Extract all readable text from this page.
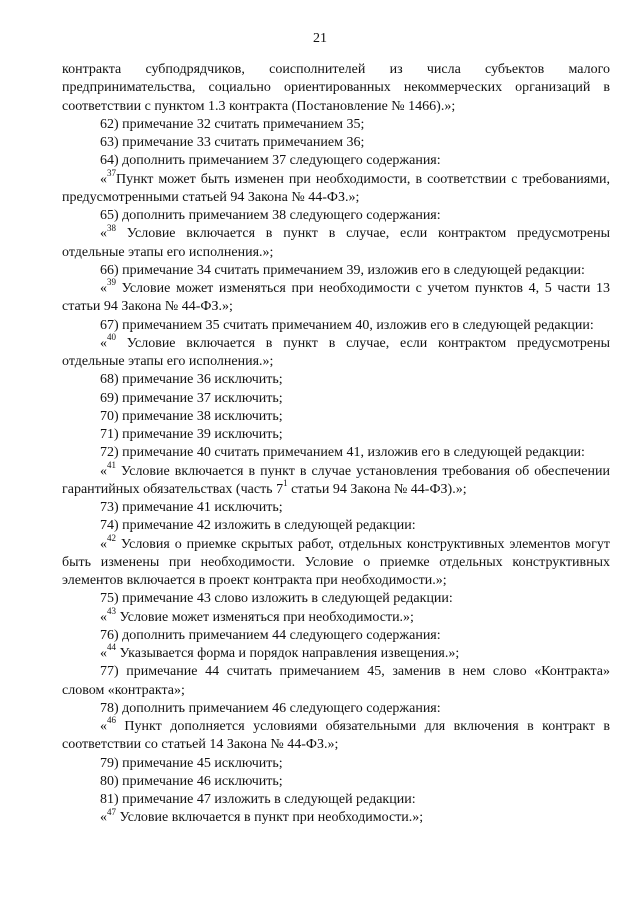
21

контракта субподрядчиков, соисполнителей из числа субъектов малого предпринимательства, социально ориентированных некоммерческих организаций в соответствии с пунктом 1.3 контракта (Постановление № 1466).»;

62) примечание 32 считать примечанием 35;

63) примечание 33 считать примечанием 36;

64) дополнить примечанием 37 следующего содержания:

«$^{37}$Пункт может быть изменен при необходимости, в соответствии с требованиями, предусмотренными статьей 94 Закона № 44-ФЗ.»;

65) дополнить примечанием 38 следующего содержания:

«$^{38}$ Условие включается в пункт в случае, если контрактом предусмотрены отдельные этапы его исполнения.»;

66) примечание 34 считать примечанием 39, изложив его в следующей редакции:

«$^{39}$ Условие может изменяться при необходимости с учетом пунктов 4, 5 части 13 статьи 94 Закона № 44-ФЗ.»;

67) примечанием 35 считать примечанием 40, изложив его в следующей редакции:

«$^{40}$ Условие включается в пункт в случае, если контрактом предусмотрены отдельные этапы его исполнения.»;

68) примечание 36 исключить;

69) примечание 37 исключить;

70) примечание 38 исключить;

71) примечание 39 исключить;

72) примечание 40 считать примечанием 41, изложив его в следующей редакции:

«$^{41}$ Условие включается в пункт в случае установления требования об обеспечении гарантийных обязательствах (часть $7^1$ статьи 94 Закона № 44-ФЗ).»;

73) примечание 41 исключить;

74) примечание 42 изложить в следующей редакции:

«$^{42}$ Условия о приемке скрытых работ, отдельных конструктивных элементов могут быть изменены при необходимости. Условие о приемке отдельных конструктивных элементов включается в проект контракта при необходимости.»;

75) примечание 43 слово изложить в следующей редакции:

«$^{43}$ Условие может изменяться при необходимости.»;

76) дополнить примечанием 44 следующего содержания:

«$^{44}$ Указывается форма и порядок направления извещения.»;

77) примечание 44 считать примечанием 45, заменив в нем слово «Контракта» словом «контракта»;

78) дополнить примечанием 46 следующего содержания:

«$^{46}$ Пункт дополняется условиями обязательными для включения в контракт в соответствии со статьей 14 Закона № 44-ФЗ.»;

79) примечание 45 исключить;

80) примечание 46 исключить;

81) примечание 47 изложить в следующей редакции:

«$^{47}$ Условие включается в пункт при необходимости.»;
